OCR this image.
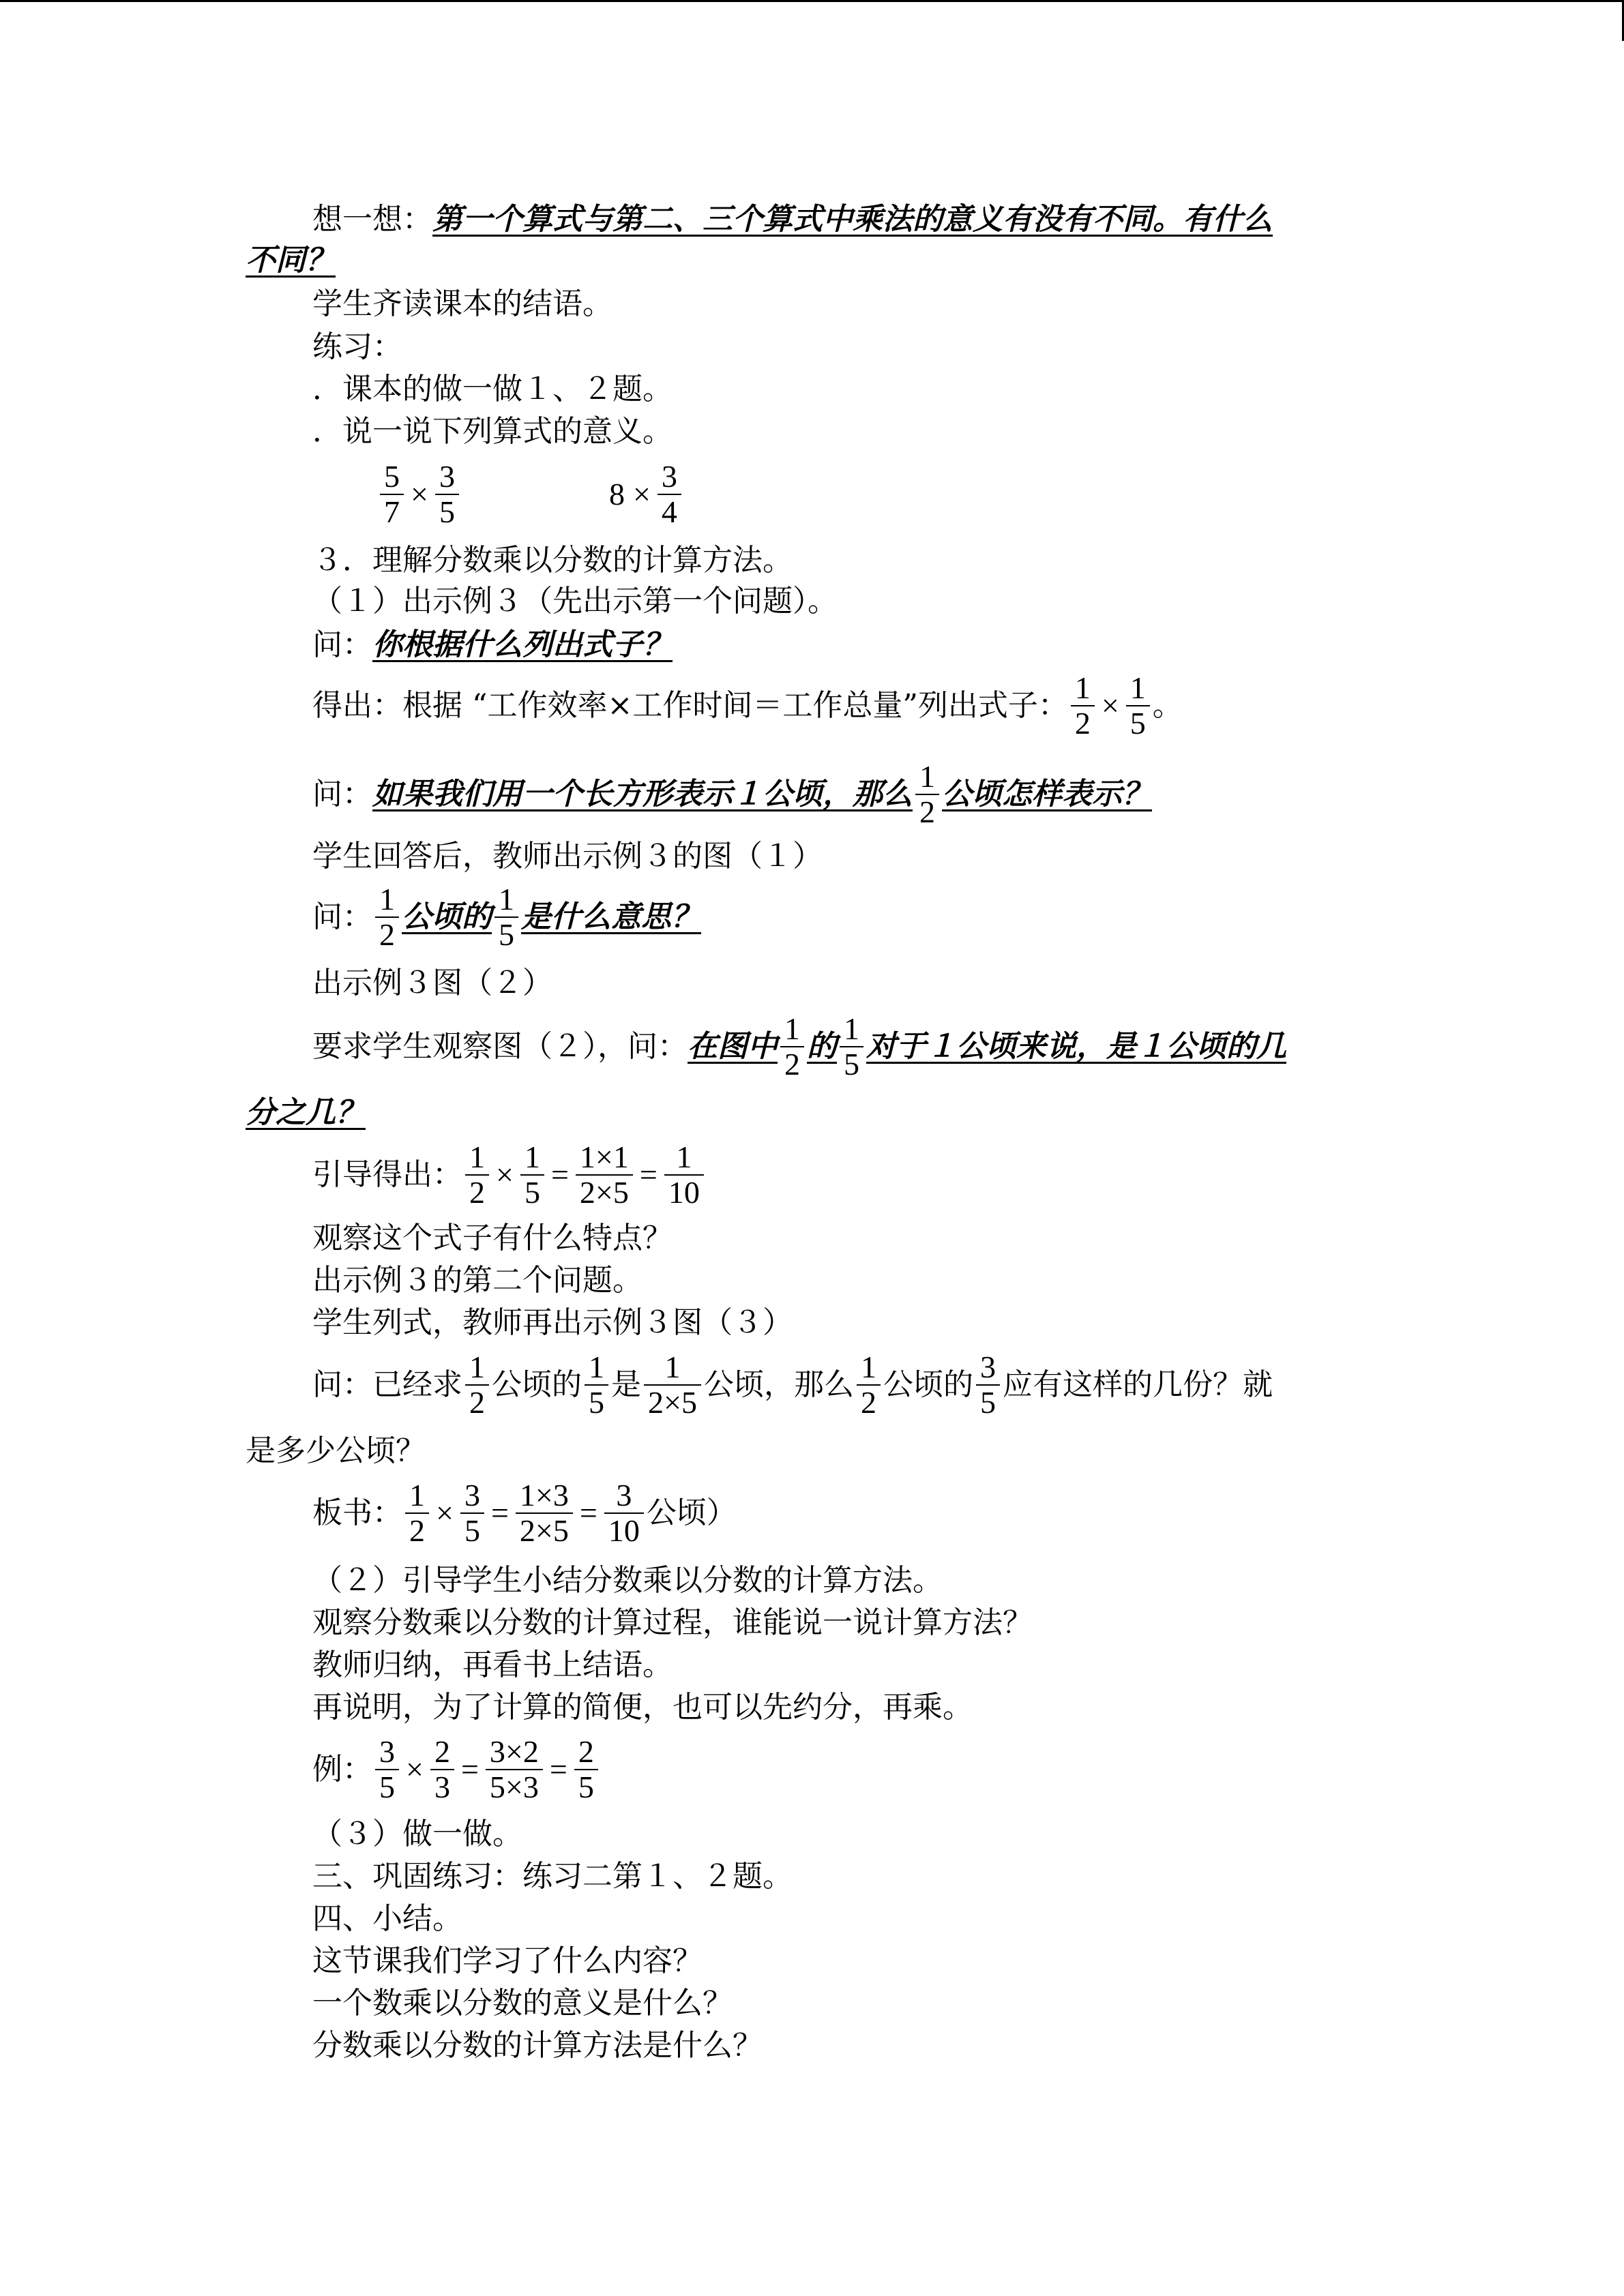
想一想： 第一个算式与第二、三个算式中乘法的意义有没有不同。有什么
不同？
学生齐读课本的结语。
练习：
．课本的做一做１、２题。
．说一说下列算式的意义。
$\frac{5}{7} \times \frac{3}{5}$	$8 \times \frac{3}{4}$
３．理解分数乘以分数的计算方法。
（１）出示例３（先出示第一个问题）。
问： 你根据什么列出式子？
得出：根据 “工作效率×工作时间＝工作总量”列出式子： $\frac{1}{2} \times \frac{1}{5}$ 。
问： 如果我们用一个长方形表示１公顷，那么 $\frac{1}{2}$ 公顷怎样表示？
学生回答后，教师出示例３的图（１）
问： $\frac{1}{2}$ 公顷的 $\frac{1}{5}$ 是什么意思？
出示例３图（２）
要求学生观察图（２），问： 在图中 $\frac{1}{2}$ 的 $\frac{1}{5}$ 对于１公顷来说，是１公顷的几
分之几？
引导得出： $\frac{1}{2} \times \frac{1}{5} = \frac{1\times 1}{2\times 5} = \frac{1}{10}$
观察这个式子有什么特点？
出示例３的第二个问题。
学生列式，教师再出示例３图（３）
问：已经求 $\frac{1}{2}$ 公顷的 $\frac{1}{5}$ 是 $\frac{1}{2\times 5}$ 公顷，那么 $\frac{1}{2}$ 公顷的 $\frac{3}{5}$ 应有这样的几份？就
是多少公顷？
板书： $\frac{1}{2} \times \frac{3}{5} = \frac{1\times 3}{2\times 5} = \frac{3}{10}$ 公顷）
（２）引导学生小结分数乘以分数的计算方法。
观察分数乘以分数的计算过程，谁能说一说计算方法？
教师归纳，再看书上结语。
再说明，为了计算的简便，也可以先约分，再乘。
例： $\frac{3}{5} \times \frac{2}{3} = \frac{3\times 2}{5\times 3} = \frac{2}{5}$
（３）做一做。
三、巩固练习：练习二第１、２题。
四、小结。
这节课我们学习了什么内容？
一个数乘以分数的意义是什么？
分数乘以分数的计算方法是什么？
